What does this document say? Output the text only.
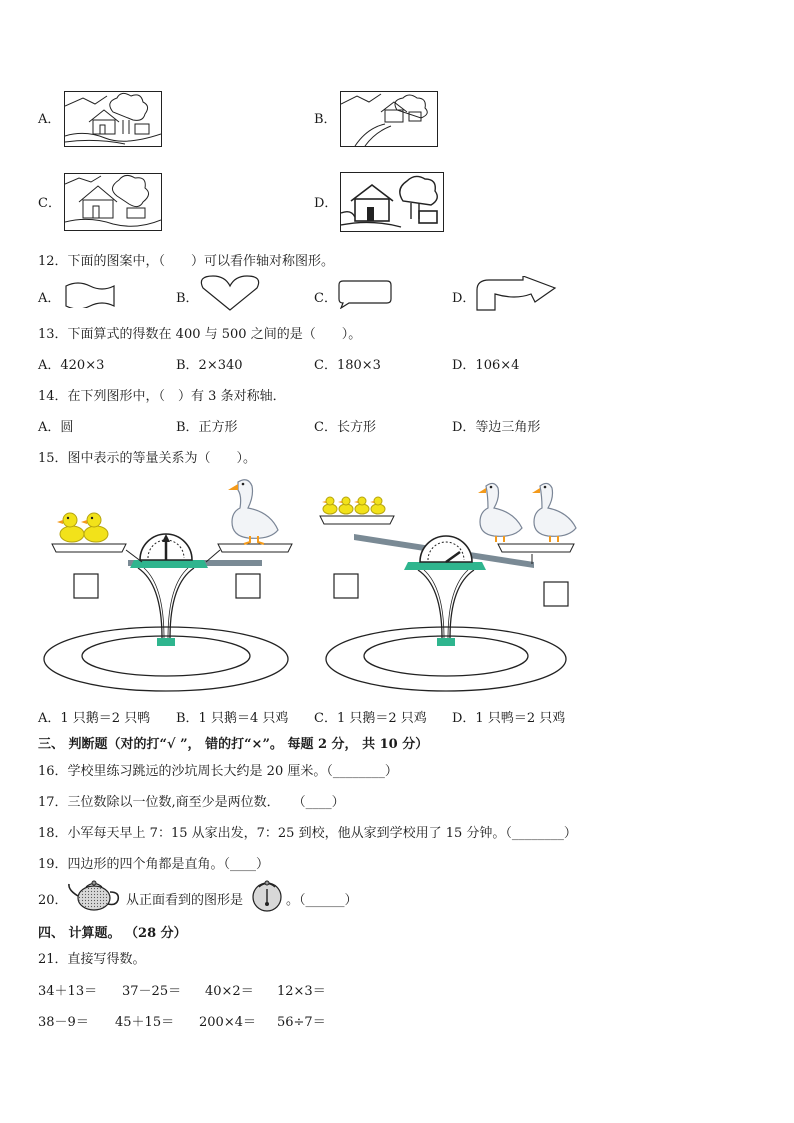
A．	B．
C．	D．
12．下面的图案中，（　　）可以看作轴对称图形。
A．	B．	C．	D．
13．下面算式的得数在 400 与 500 之间的是（　　）。
A．420×3	B．2×340	C．180×3	D．106×4
14．在下列图形中，（　）有 3 条对称轴．
A．圆	B．正方形	C．长方形	D．等边三角形
15．图中表示的等量关系为（　　）。
A．1 只鹅＝2 只鸭 B．1 只鹅＝4 只鸡 C．1 只鹅＝2 只鸡 D．1 只鸭＝2 只鸡
三、 判断题（对的打“√ ”， 错的打“×”。 每题 2 分， 共 10 分）
16．学校里练习跳远的沙坑周长大约是 20 厘米。（________）
17．三位数除以一位数,商至少是两位数．　　（____）
18．小军每天早上 7：15 从家出发，7：25 到校，他从家到学校用了 15 分钟。（________）
19．四边形的四个角都是直角。（____）
20．	从正面看到的图形是	。（______）
四、 计算题。 （28 分）
21．直接写得数。
34＋13＝ 37－25＝ 40×2＝ 12×3＝
38－9＝ 45＋15＝ 200×4＝ 56÷7＝
